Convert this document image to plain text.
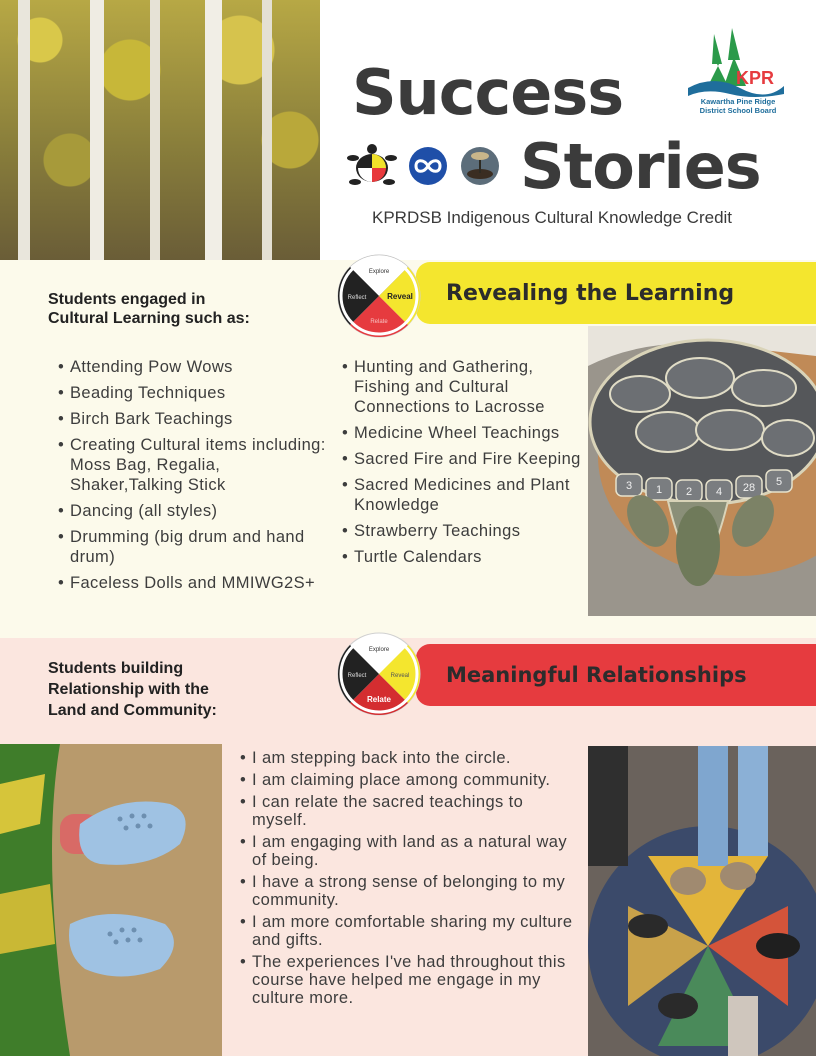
Success
Stories
KPRDSB Indigenous Cultural Knowledge Credit
KPR
Kawartha Pine Ridge District School Board
Students engaged in
Cultural Learning such as:
Revealing the Learning
Explore
Reflect	Reveal
Relate
• Attending Pow Wows
• Beading Techniques
• Birch Bark Teachings
• Creating Cultural items including: Moss Bag, Regalia, Shaker,Talking Stick
• Dancing (all styles)
• Drumming (big drum and hand drum)
• Faceless Dolls and MMIWG2S+
• Hunting and Gathering, Fishing and Cultural Connections to Lacrosse
• Medicine Wheel Teachings
• Sacred Fire and Fire Keeping
• Sacred Medicines and Plant Knowledge
• Strawberry Teachings
• Turtle Calendars
1 2	28
3	4
5
Students building
Relationship with the
Land and Community:
Meaningful Relationships
Explore
Reflect	Reveal
Relate
• I am stepping back into the circle.
• I am claiming place among community.
• I can relate the sacred teachings to myself.
• I am engaging with land as a natural way of being.
• I have a strong sense of belonging to my community.
• I am more comfortable sharing my culture and gifts.
• The experiences I've had throughout this course have helped me engage in my culture more.
